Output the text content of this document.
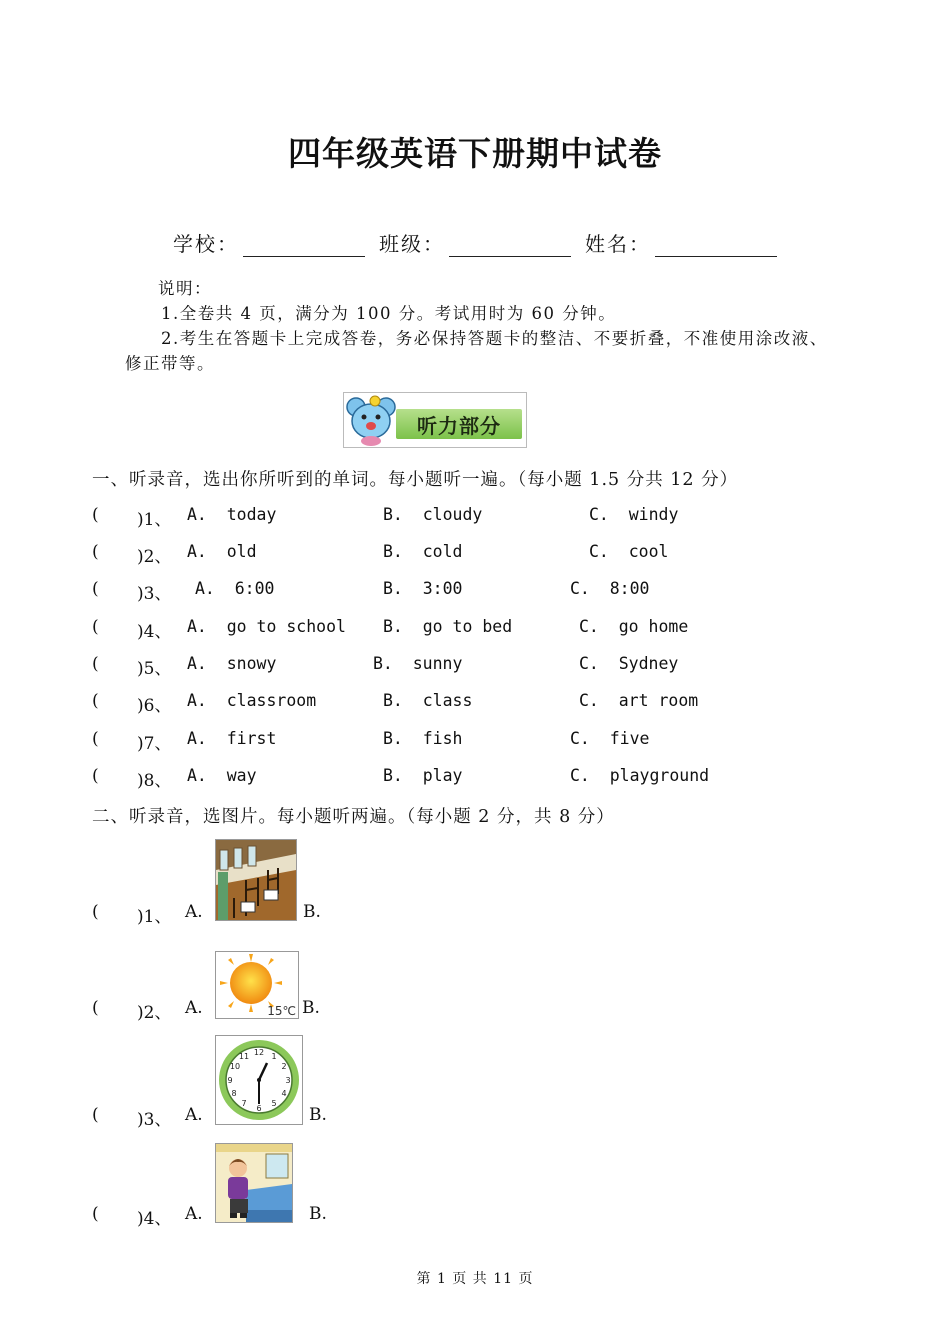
四年级英语下册期中试卷
学校：	班级：	姓名：
说明：
1.全卷共 4 页，满分为 100 分。考试用时为 60 分钟。
2.考生在答题卡上完成答卷，务必保持答题卡的整洁、不要折叠，不准使用涂改液、
修正带等。
听力部分
一、听录音，选出你所听到的单词。每小题听一遍。（每小题 1.5 分共 12 分）
( )1、 A.  today	B.  cloudy	C.  windy
( )2、 A.  old	B.  cold	C.  cool
( )3、 A.  6:00	B.  3:00	C.  8:00
( )4、 A.  go to school B.  go to bed	C.  go home
( )5、 A.  snowy	B.  sunny	C.  Sydney
( )6、 A.  classroom	B.  class	C.  art room
( )7、 A.  first	B.  fish	C.  five
( )8、 A.  way	B.  play	C.  playground
二、听录音，选图片。每小题听两遍。（每小题 2 分，共 8 分）
( )1、 A.	B.
( )2、 A.	B.
15℃
( )3、 A.	B.
12 1
2
3
4
5
6
7
8
9
10
11
( )4、 A.	B.
第 1 页 共 11 页
